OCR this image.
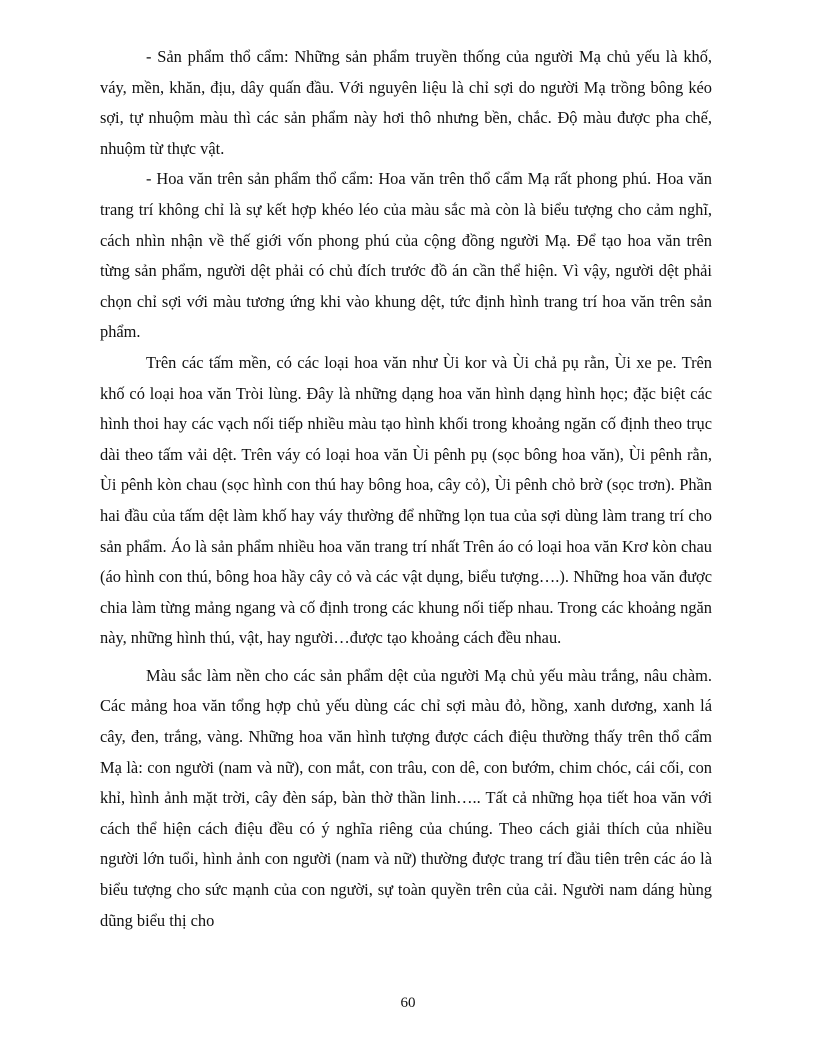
- Sản phẩm thổ cẩm: Những sản phẩm truyền thống của người Mạ chủ yếu là khố, váy, mền, khăn, địu, dây quấn đầu. Với nguyên liệu là chỉ sợi do người Mạ trồng bông kéo sợi, tự nhuộm màu thì các sản phẩm này hơi thô nhưng bền, chắc. Độ màu được pha chế, nhuộm từ thực vật.

- Hoa văn trên sản phẩm thổ cẩm: Hoa văn trên thổ cẩm Mạ rất phong phú. Hoa văn trang trí không chỉ là sự kết hợp khéo léo của màu sắc mà còn là biểu tượng cho cảm nghĩ, cách nhìn nhận về thế giới vốn phong phú của cộng đồng người Mạ. Để tạo hoa văn trên từng sản phẩm, người dệt phải có chủ đích trước đồ án cần thể hiện. Vì vậy, người dệt phải chọn chỉ sợi với màu tương ứng khi vào khung dệt, tức định hình trang trí hoa văn trên sản phẩm.

Trên các tấm mền, có các loại hoa văn như Ùi kor và Ùi chả pụ rằn, Ùi xe pe. Trên khố có loại hoa văn Tròi lùng. Đây là những dạng hoa văn hình dạng hình học; đặc biệt các hình thoi hay các vạch nối tiếp nhiều màu tạo hình khối trong khoảng ngăn cố định theo trục dài theo tấm vải dệt. Trên váy có loại hoa văn Ùi pênh pụ (sọc bông hoa văn), Ùi pênh rằn, Ùi pênh kòn chau (sọc hình con thú hay bông hoa, cây cỏ), Ùi pênh chỏ brờ (sọc trơn). Phần hai đầu của tấm dệt làm khố hay váy thường để những lọn tua của sợi dùng làm trang trí cho sản phẩm. Áo là sản phẩm nhiều hoa văn trang trí nhất Trên áo có loại hoa văn Krơ kòn chau (áo hình con thú, bông hoa hầy cây cỏ và các vật dụng, biểu tượng….). Những hoa văn được chia làm từng mảng ngang và cố định trong các khung nối tiếp nhau. Trong các khoảng ngăn này, những hình thú, vật, hay người…được tạo khoảng cách đều nhau.

Màu sắc làm nền cho các sản phẩm dệt của người Mạ chủ yếu màu trắng, nâu chàm. Các mảng hoa văn tổng hợp chủ yếu dùng các chỉ sợi màu đỏ, hồng, xanh dương, xanh lá cây, đen, trắng, vàng. Những hoa văn hình tượng được cách điệu thường thấy trên thổ cẩm Mạ là: con người (nam và nữ), con mắt, con trâu, con dê, con bướm, chim chóc, cái cối, con khỉ, hình ảnh mặt trời, cây đèn sáp, bàn thờ thần linh….. Tất cả những họa tiết hoa văn với cách thể hiện cách điệu đều có ý nghĩa riêng của chúng. Theo cách giải thích của nhiều người lớn tuổi, hình ảnh con người (nam và nữ) thường được trang trí đầu tiên trên các áo là biểu tượng cho sức mạnh của con người, sự toàn quyền trên của cải. Người nam dáng hùng dũng biểu thị cho

60
